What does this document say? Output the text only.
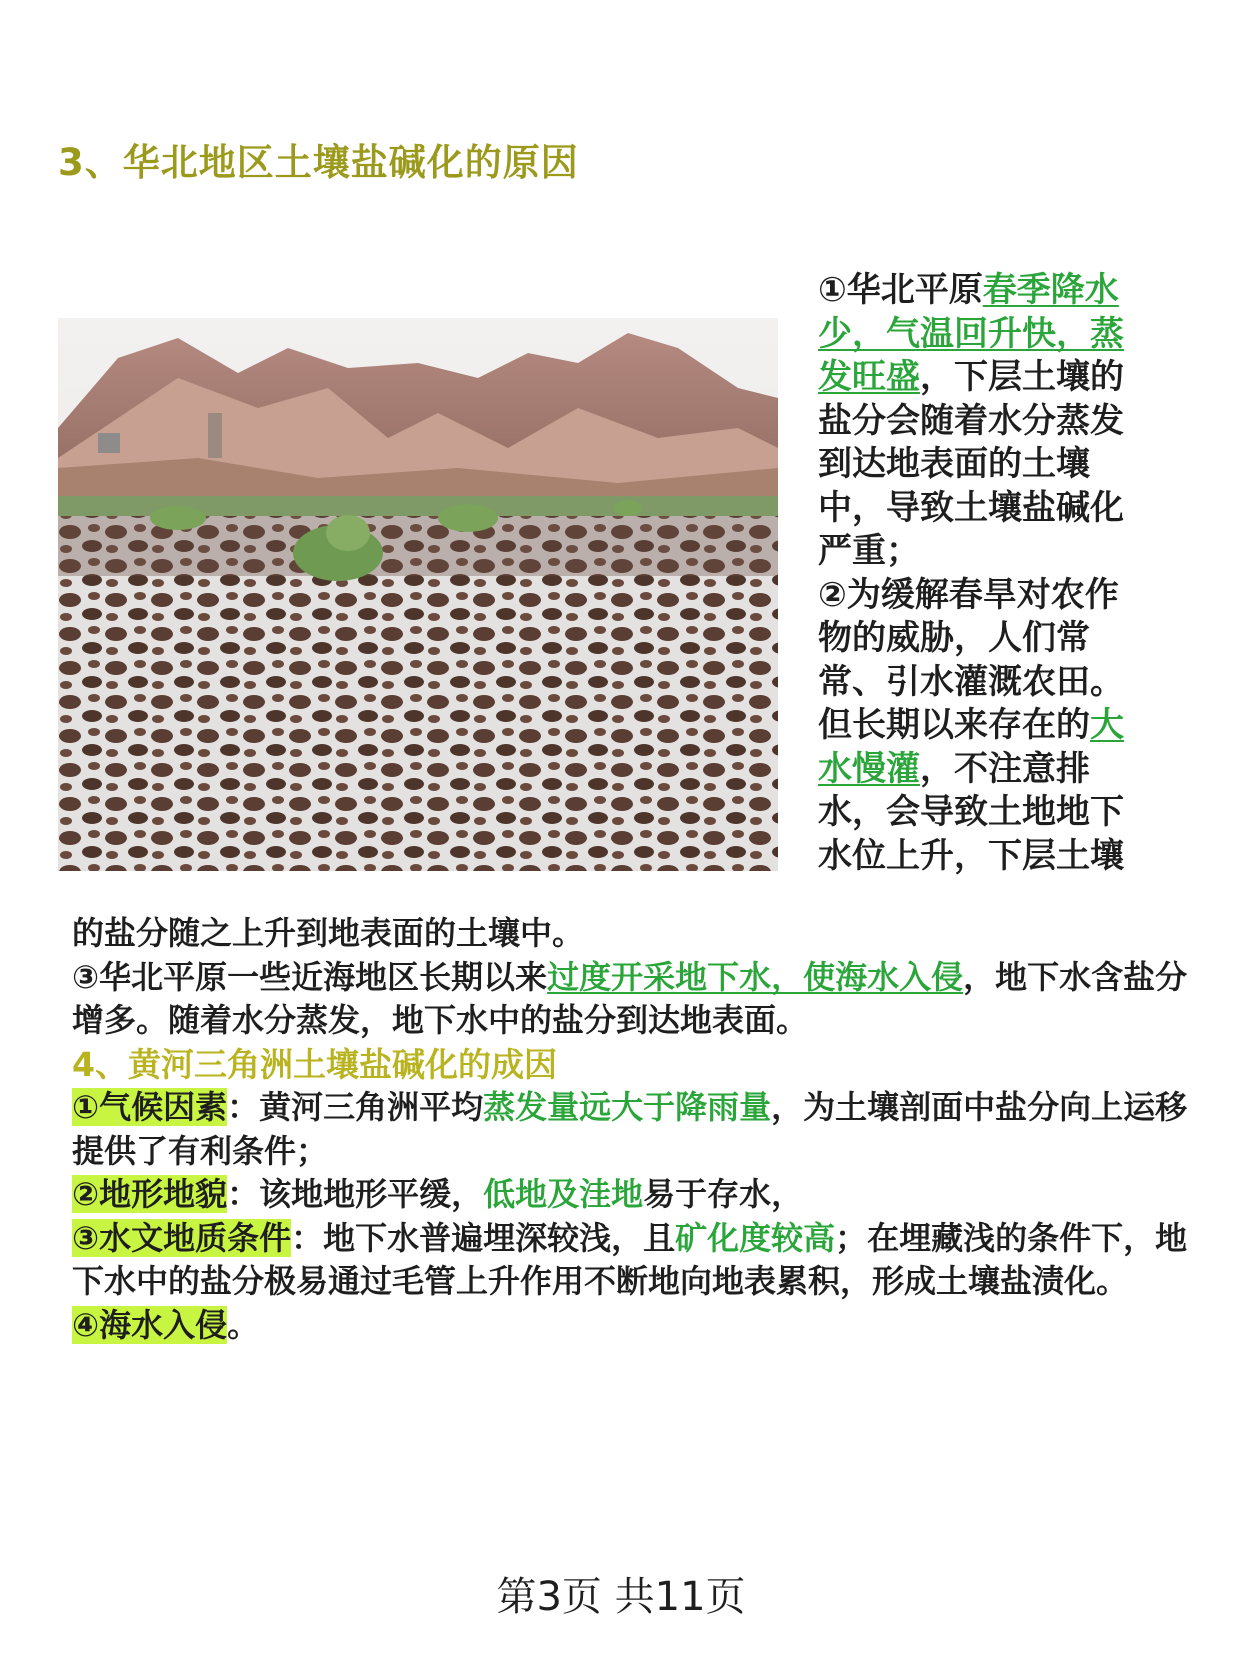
3、华北地区土壤盐碱化的原因
①华北平原春季降水少，气温回升快，蒸发旺盛，下层土壤的盐分会随着水分蒸发到达地表面的土壤中，导致土壤盐碱化严重；
②为缓解春旱对农作物的威胁，人们常常、引水灌溉农田。但长期以来存在的大水慢灌，不注意排水，会导致土地地下水位上升，下层土壤

的盐分随之上升到地表面的土壤中。

③华北平原一些近海地区长期以来过度开采地下水，使海水入侵，地下水含盐分增多。随着水分蒸发，地下水中的盐分到达地表面。

4、黄河三角洲土壤盐碱化的成因

①气候因素：黄河三角洲平均蒸发量远大于降雨量，为土壤剖面中盐分向上运移提供了有利条件；

②地形地貌：该地地形平缓，低地及洼地易于存水，

③水文地质条件：地下水普遍埋深较浅，且矿化度较高；在埋藏浅的条件下，地下水中的盐分极易通过毛管上升作用不断地向地表累积，形成土壤盐渍化。

④海水入侵。

第3页 共11页
